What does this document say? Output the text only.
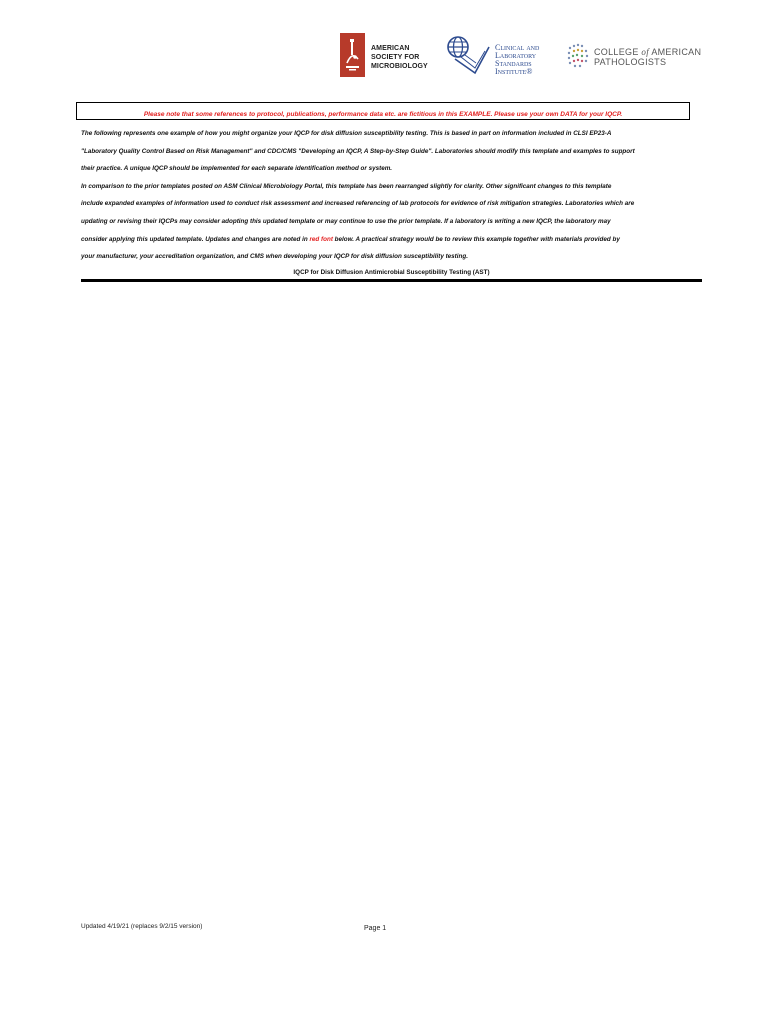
AMERICAN
SOCIETY FOR
MICROBIOLOGY
Clinical and
Laboratory
Standards
Institute®
COLLEGE of AMERICAN
PATHOLOGISTS
Please note that some references to protocol, publications, performance data etc. are fictitious in this EXAMPLE. Please use your own DATA for your IQCP.
The following represents one example of how you might organize your IQCP for disk diffusion susceptibility testing. This is based in part on information included in CLSI EP23-A
"Laboratory Quality Control Based on Risk Management" and CDC/CMS "Developing an IQCP, A Step-by-Step Guide". Laboratories should modify this template and examples to support
their practice. A unique IQCP should be implemented for each separate identification method or system.
In comparison to the prior templates posted on ASM Clinical Microbiology Portal, this template has been rearranged slightly for clarity. Other significant changes to this template
include expanded examples of information used to conduct risk assessment and increased referencing of lab protocols for evidence of risk mitigation strategies. Laboratories which are
updating or revising their IQCPs may consider adopting this updated template or may continue to use the prior template. If a laboratory is writing a new IQCP, the laboratory may
consider applying this updated template. Updates and changes are noted in red font below. A practical strategy would be to review this example together with materials provided by
your manufacturer, your accreditation organization, and CMS when developing your IQCP for disk diffusion susceptibility testing.
IQCP for Disk Diffusion Antimicrobial Susceptibility Testing (AST)
Updated 4/19/21 (replaces 9/2/15 version)	Page 1
